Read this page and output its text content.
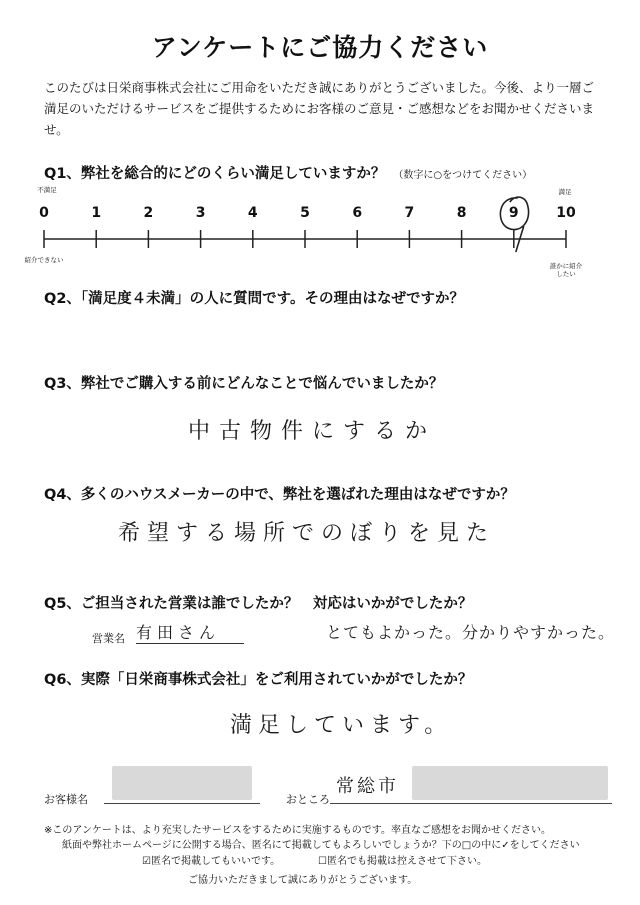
アンケートにご協力ください
このたびは日栄商事株式会社にご用命をいただき誠にありがとうございました。今後、より一層ご満足のいただけるサービスをご提供するためにお客様のご意見・ご感想などをお聞かせくださいませ。
Q1、弊社を総合的にどのくらい満足していますか？ （数字に○をつけてください）
不満足	満足
0	1	2	3	4	5	6	7	8	9	10
紹介できない
誰かに紹介したい
Q2、「満足度４未満」の人に質問です。その理由はなぜですか？
Q3、弊社でご購入する前にどんなことで悩んでいましたか？
中古物件にするか
Q4、多くのハウスメーカーの中で、弊社を選ばれた理由はなぜですか？
希望する場所でのぼりを見た
Q5、ご担当された営業は誰でしたか？　対応はいかがでしたか？
営業名 有田さん	とてもよかった。分かりやすかった。
Q6、実際「日栄商事株式会社」をご利用されていかがでしたか？
満足しています。
お客様名	おところ
常総市
※このアンケートは、より充実したサービスをするために実施するものです。率直なご感想をお聞かせください。
紙面や弊社ホームページに公開する場合、匿名にて掲載してもよろしいでしょうか？下の□の中に✓をしてください
☑匿名で掲載してもいいです。	☐匿名でも掲載は控えさせて下さい。
ご協力いただきまして誠にありがとうございます。
